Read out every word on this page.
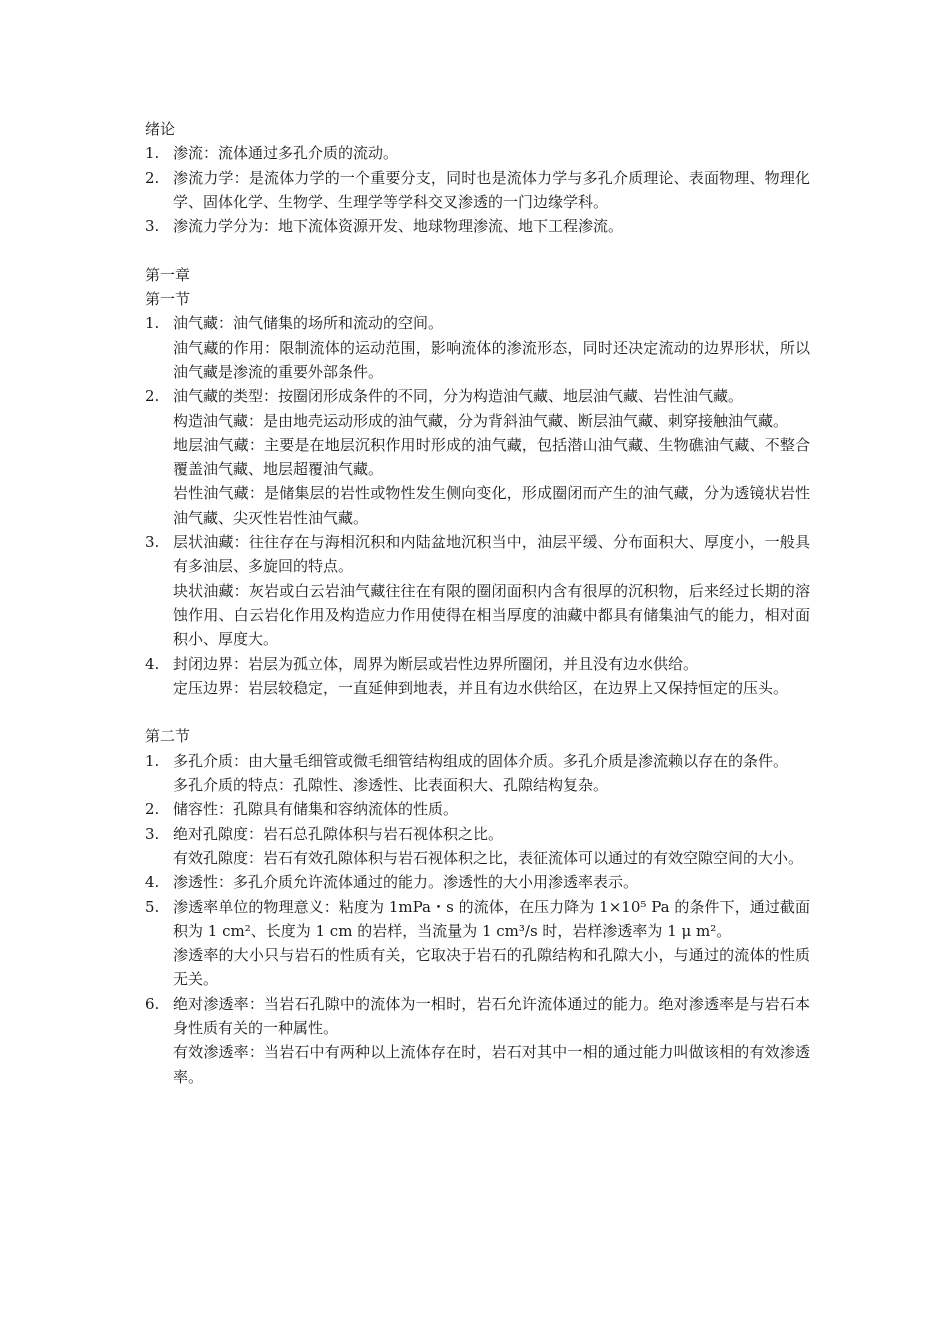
绪论
1. 渗流：流体通过多孔介质的流动。
2. 渗流力学：是流体力学的一个重要分支，同时也是流体力学与多孔介质理论、表面物理、物理化学、固体化学、生物学、生理学等学科交叉渗透的一门边缘学科。
3. 渗流力学分为：地下流体资源开发、地球物理渗流、地下工程渗流。
第一章
第一节
1. 油气藏：油气储集的场所和流动的空间。
油气藏的作用：限制流体的运动范围，影响流体的渗流形态，同时还决定流动的边界形状，所以油气藏是渗流的重要外部条件。
2. 油气藏的类型：按圈闭形成条件的不同，分为构造油气藏、地层油气藏、岩性油气藏。
构造油气藏：是由地壳运动形成的油气藏，分为背斜油气藏、断层油气藏、刺穿接触油气藏。
地层油气藏：主要是在地层沉积作用时形成的油气藏，包括潜山油气藏、生物礁油气藏、不整合覆盖油气藏、地层超覆油气藏。
岩性油气藏：是储集层的岩性或物性发生侧向变化，形成圈闭而产生的油气藏，分为透镜状岩性油气藏、尖灭性岩性油气藏。
3. 层状油藏：往往存在与海相沉积和内陆盆地沉积当中，油层平缓、分布面积大、厚度小，一般具有多油层、多旋回的特点。
块状油藏：灰岩或白云岩油气藏往往在有限的圈闭面积内含有很厚的沉积物，后来经过长期的溶蚀作用、白云岩化作用及构造应力作用使得在相当厚度的油藏中都具有储集油气的能力，相对面积小、厚度大。
4. 封闭边界：岩层为孤立体，周界为断层或岩性边界所圈闭，并且没有边水供给。
定压边界：岩层较稳定，一直延伸到地表，并且有边水供给区，在边界上又保持恒定的压头。
第二节
1. 多孔介质：由大量毛细管或微毛细管结构组成的固体介质。多孔介质是渗流赖以存在的条件。
多孔介质的特点：孔隙性、渗透性、比表面积大、孔隙结构复杂。
2. 储容性：孔隙具有储集和容纳流体的性质。
3. 绝对孔隙度：岩石总孔隙体积与岩石视体积之比。
有效孔隙度：岩石有效孔隙体积与岩石视体积之比，表征流体可以通过的有效空隙空间的大小。
4. 渗透性：多孔介质允许流体通过的能力。渗透性的大小用渗透率表示。
5. 渗透率单位的物理意义：粘度为 1mPa・s 的流体，在压力降为 1×10⁵ Pa 的条件下，通过截面积为 1 cm²、长度为 1 cm 的岩样，当流量为 1 cm³/s 时，岩样渗透率为 1 μ m²。
渗透率的大小只与岩石的性质有关，它取决于岩石的孔隙结构和孔隙大小，与通过的流体的性质无关。
6. 绝对渗透率：当岩石孔隙中的流体为一相时，岩石允许流体通过的能力。绝对渗透率是与岩石本身性质有关的一种属性。
有效渗透率：当岩石中有两种以上流体存在时，岩石对其中一相的通过能力叫做该相的有效渗透率。
